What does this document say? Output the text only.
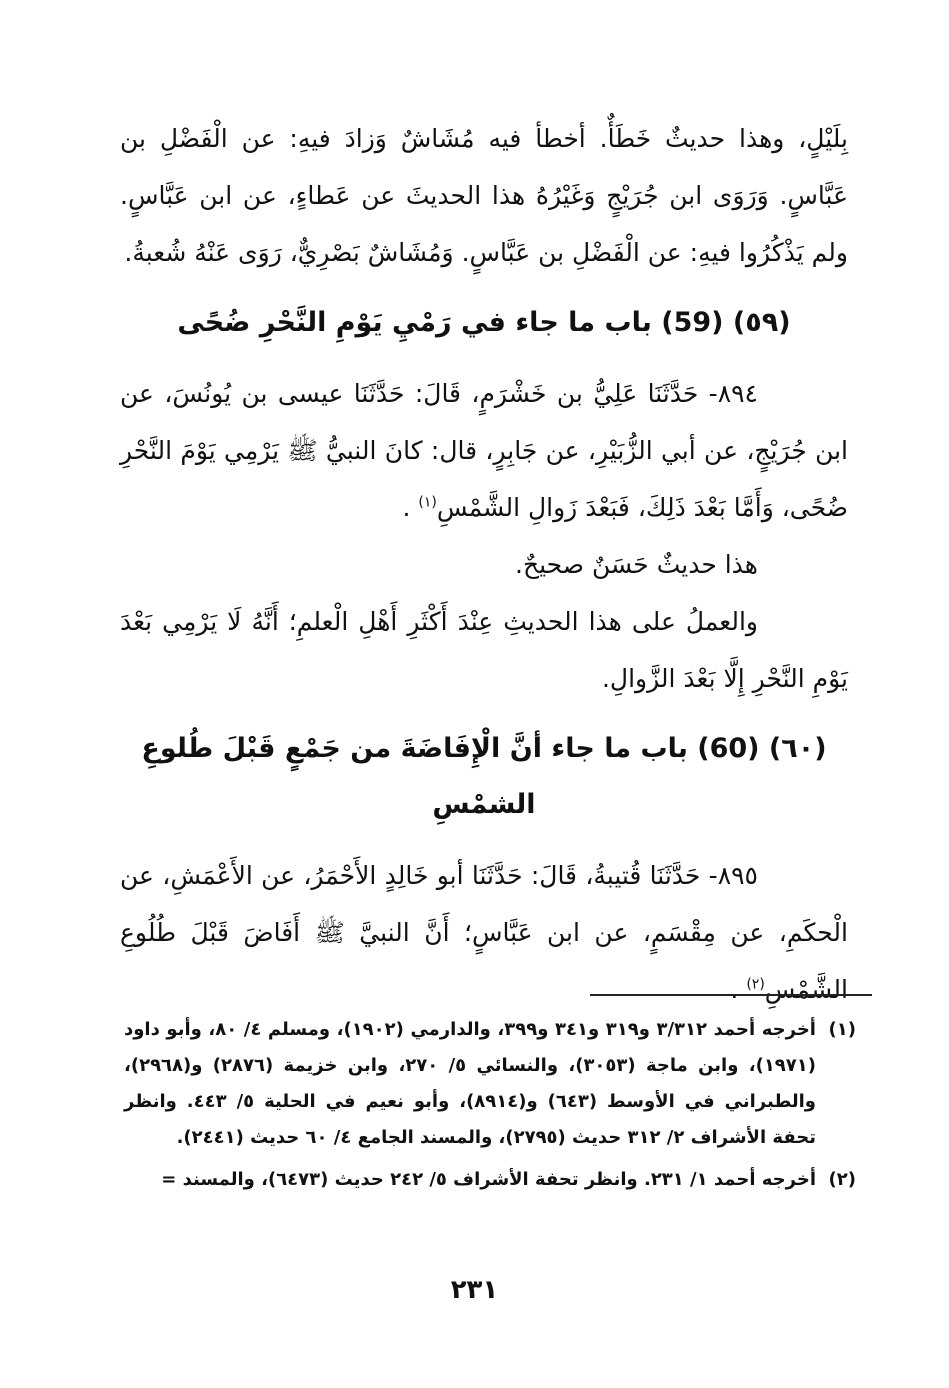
بِلَيْلٍ، وهذا حديثٌ خَطَأٌ. أخطأ فيه مُشَاشٌ وَزادَ فيهِ: عن الْفَضْلِ بن عَبَّاسٍ. وَرَوَى ابن جُرَيْجٍ وَغَيْرُهُ هذا الحديثَ عن عَطاءٍ، عن ابن عَبَّاسٍ. ولم يَذْكُرُوا فيهِ: عن الْفَضْلِ بن عَبَّاسٍ. وَمُشَاشٌ بَصْرِيٌّ، رَوَى عَنْهُ شُعبةُ.

(٥٩) (59) باب ما جاء في رَمْيِ يَوْمِ النَّحْرِ ضُحًى

٨٩٤- حَدَّثَنَا عَلِيُّ بن خَشْرَمٍ، قَالَ: حَدَّثَنَا عيسى بن يُونُسَ، عن ابن جُرَيْجٍ، عن أبي الزُّبَيْرِ، عن جَابِرٍ، قال: كانَ النبيُّ ﷺ يَرْمِي يَوْمَ النَّحْرِ ضُحًى، وَأَمَّا بَعْدَ ذَلِكَ، فَبَعْدَ زَوالِ الشَّمْسِ$^{(١)}$ .

هذا حديثٌ حَسَنٌ صحيحٌ.

والعملُ على هذا الحديثِ عِنْدَ أَكْثَرِ أَهْلِ الْعلمِ؛ أَنَّهُ لَا يَرْمِي بَعْدَ يَوْمِ النَّحْرِ إِلَّا بَعْدَ الزَّوالِ.

(٦٠) (60) باب ما جاء أنَّ الْإِفَاضَةَ من جَمْعٍ قَبْلَ طُلوعِ الشمْسِ

٨٩٥- حَدَّثَنَا قُتيبةُ، قَالَ: حَدَّثَنَا أبو خَالِدٍ الأَحْمَرُ، عن الأَعْمَشِ، عن الْحكَمِ، عن مِقْسَمٍ، عن ابن عَبَّاسٍ؛ أَنَّ النبيَّ ﷺ أَفَاضَ قَبْلَ طُلُوعِ الشَّمْسِ$^{(٢)}$ .

(١)
أخرجه أحمد ٣/٣١٢ و٣١٩ و٣٤١ و٣٩٩، والدارمي (١٩٠٢)، ومسلم ٤/ ٨٠، وأبو داود (١٩٧١)، وابن ماجة (٣٠٥٣)، والنسائي ٥/ ٢٧٠، وابن خزيمة (٢٨٧٦) و(٢٩٦٨)، والطبراني في الأوسط (٦٤٣) و(٨٩١٤)، وأبو نعيم في الحلية ٥/ ٤٤٣. وانظر تحفة الأشراف ٢/ ٣١٢ حديث (٢٧٩٥)، والمسند الجامع ٤/ ٦٠ حديث (٢٤٤١).
(٢)
أخرجه أحمد ١/ ٢٣١. وانظر تحفة الأشراف ٥/ ٢٤٢ حديث (٦٤٧٣)، والمسند =
٢٣١
